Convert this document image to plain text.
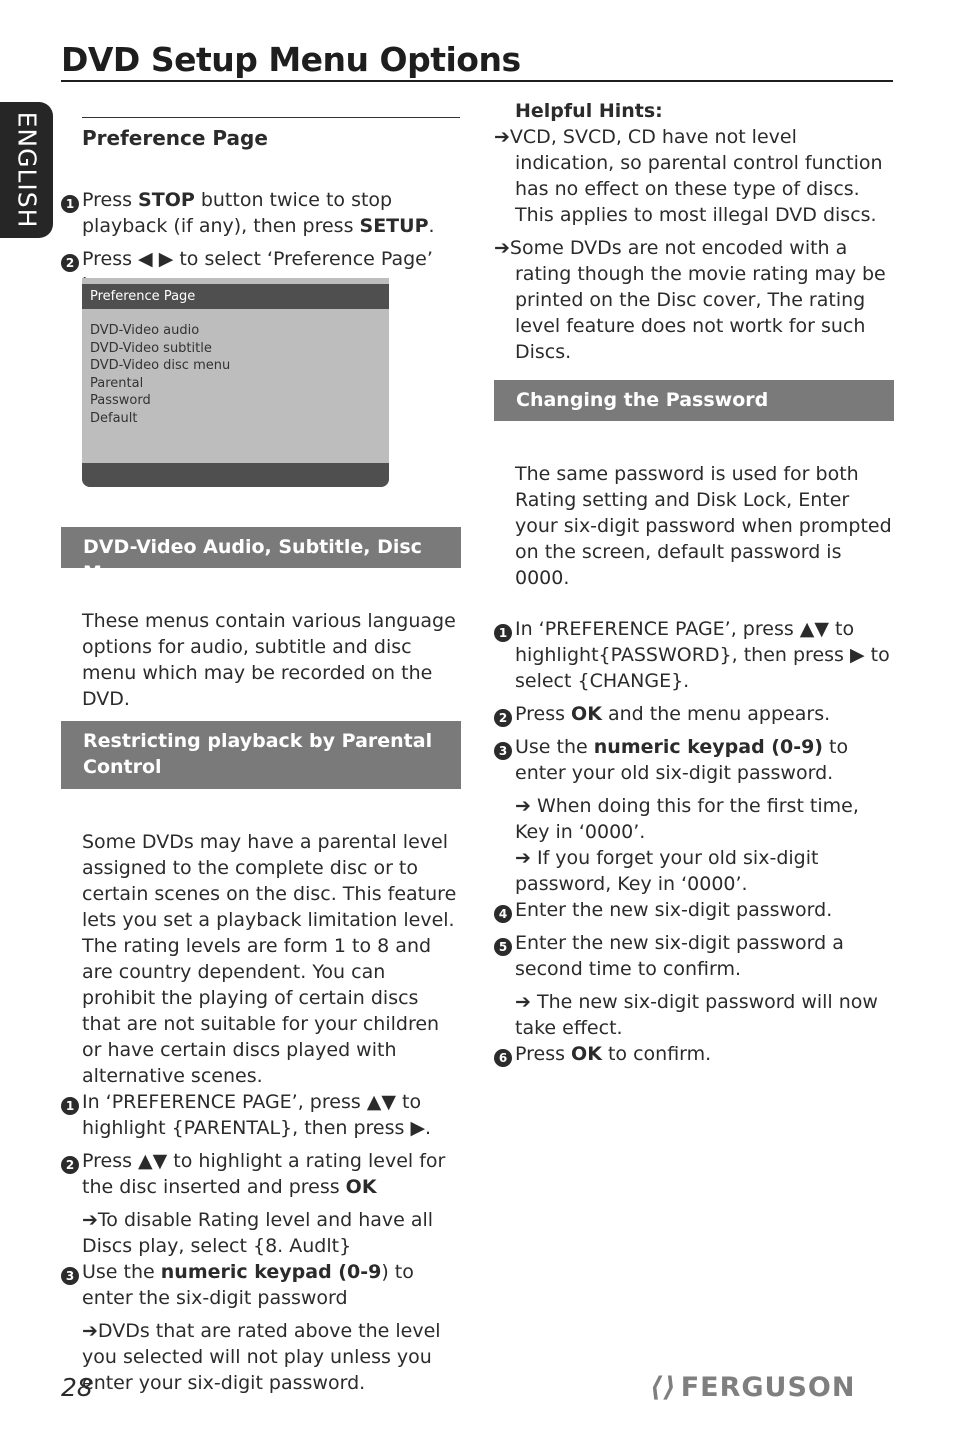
DVD Setup Menu Options
ENGLISH	Preference Page

1 Press STOP button twice to stop playback (if any), then press SETUP.

2 Press ◀ ▶ to select ‘Preference Page’

Preference Page
DVD-Video audio
DVD-Video subtitle
DVD-Video disc menu
Parental
Password
Default
DVD-Video Audio, Subtitle, Disc Menu

These menus contain various language options for audio, subtitle and disc menu which may be recorded on the DVD.

Restricting playback by Parental Control

Some DVDs may have a parental level assigned to the complete disc or to certain scenes on the disc. This feature lets you set a playback limitation level. The rating levels are form 1 to 8 and are country dependent. You can prohibit the playing of certain discs that are not suitable for your children or have certain discs played with alternative scenes.

1 In ‘PREFERENCE PAGE’, press ▲▼ to highlight {PARENTAL}, then press ▶.

2 Press ▲▼ to highlight a rating level for the disc inserted and press OK

➔To disable Rating level and have all Discs play, select {8. Audlt}

3 Use the numeric keypad (0-9) to enter the six-digit password

➔DVDs that are rated above the level you selected will not play unless you enter your six-digit password.

Helpful Hints:

➔VCD, SVCD, CD have not level indication, so parental control function has no effect on these type of discs. This applies to most illegal DVD discs.

➔Some DVDs are not encoded with a rating though the movie rating may be printed on the Disc cover, The rating level feature does not wortk for such Discs.

Changing the Password

The same password is used for both Rating setting and Disk Lock, Enter your six-digit password when prompted on the screen, default password is 0000.

1 In ‘PREFERENCE PAGE’, press ▲▼ to highlight{PASSWORD}, then press ▶ to select {CHANGE}.

2 Press OK and the menu appears.

3 Use the numeric keypad (0-9) to enter your old six-digit password.

➔ When doing this for the first time, Key in ‘0000’.

➔ If you forget your old six-digit password, Key in ‘0000’.

4 Enter the new six-digit password.

5 Enter the new six-digit password a second time to confirm.

➔ The new six-digit password will now take effect.

6 Press OK to confirm.

28	⟨⟩ FERGUSON
